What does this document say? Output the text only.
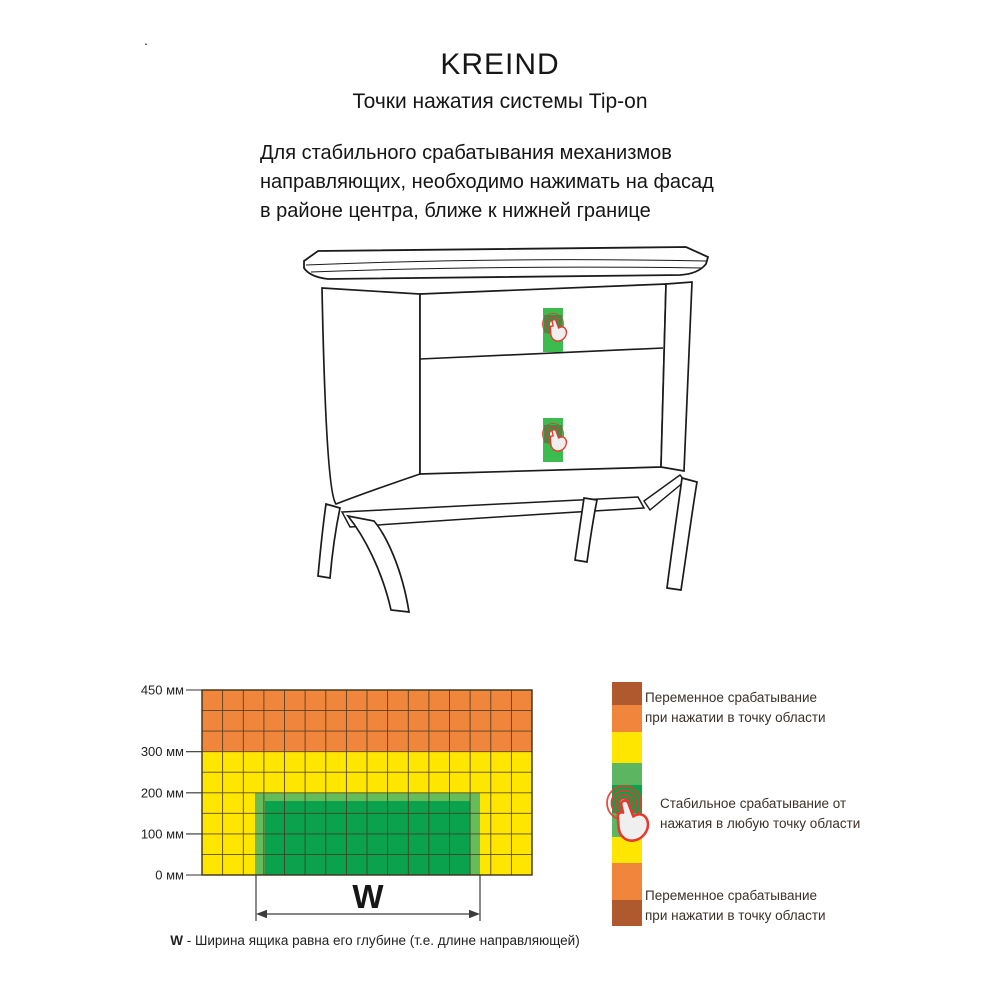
.
KREIND
Точки нажатия системы Tip-on
Для стабильного срабатывания механизмов
направляющих, необходимо нажимать на фасад
в районе центра, ближе к нижней границе
450 мм
300 мм
200 мм
100 мм
0 мм
W
W - Ширина ящика равна его глубине (т.е. длине направляющей)
Переменное срабатывание
при нажатии в точку области
Стабильное срабатывание от
нажатия в любую точку области
Переменное срабатывание
при нажатии в точку области
